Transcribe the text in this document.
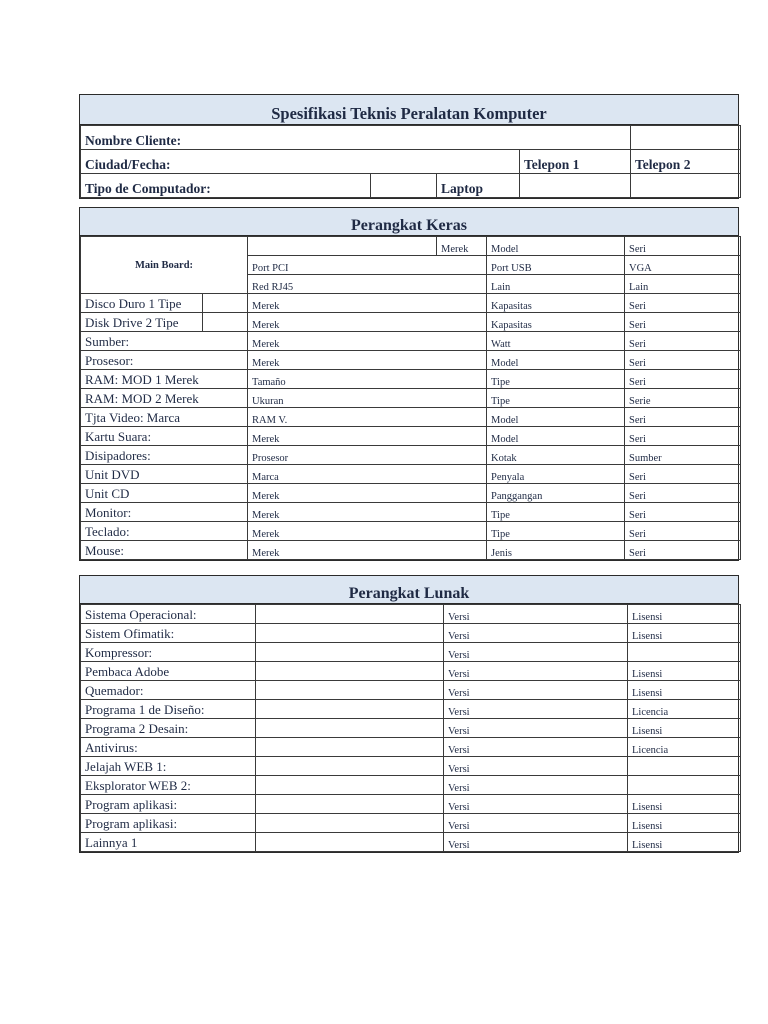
Spesifikasi Teknis Peralatan Komputer
Nombre Cliente:				
Ciudad/Fecha:			Telepon 1	Telepon 2
Tipo de Computador:		Laptop		
Perangkat Keras
Main Board:			Merek	Model	Seri
		Port PCI		Port USB	VGA
		Red RJ45		Lain	Lain
Disco Duro 1 Tipe		Merek		Kapasitas	Seri
Disk Drive 2 Tipe		Merek		Kapasitas	Seri
Sumber:		Merek		Watt	Seri
Prosesor:		Merek		Model	Seri
RAM: MOD 1 Merek		Tamaño		Tipe	Seri
RAM: MOD 2 Merek		Ukuran		Tipe	Serie
Tjta Video: Marca		RAM V.		Model	Seri
Kartu Suara:		Merek		Model	Seri
Disipadores:		Prosesor		Kotak	Sumber
Unit DVD		Marca		Penyala	Seri
Unit CD		Merek		Panggangan	Seri
Monitor:		Merek		Tipe	Seri
Teclado:		Merek		Tipe	Seri
Mouse:		Merek		Jenis	Seri
Perangkat Lunak
Sistema Operacional:		Versi	Lisensi
Sistem Ofimatik:		Versi	Lisensi
Kompressor:		Versi	
Pembaca Adobe		Versi	Lisensi
Quemador:		Versi	Lisensi
Programa 1 de Diseño:		Versi	Licencia
Programa 2 Desain:		Versi	Lisensi
Antivirus:		Versi	Licencia
Jelajah WEB 1:		Versi	
Eksplorator WEB 2:		Versi	
Program aplikasi:		Versi	Lisensi
Program aplikasi:		Versi	Lisensi
Lainnya 1		Versi	Lisensi
